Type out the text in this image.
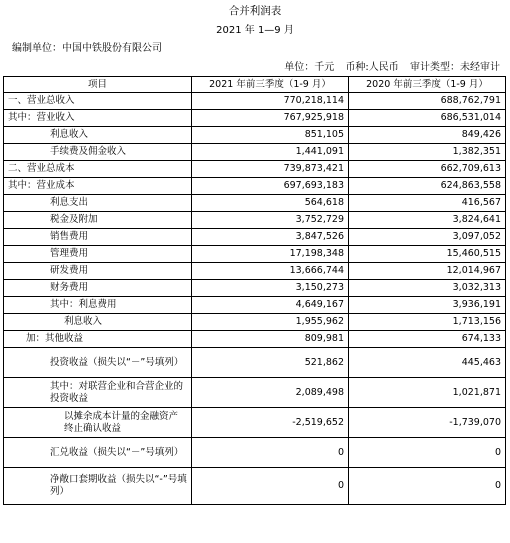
合并利润表
2021 年 1—9 月
编制单位：中国中铁股份有限公司
单位：千元 币种:人民币 审计类型：未经审计
项目	2021 年前三季度（1-9 月）	2020 年前三季度（1-9 月）
一、营业总收入	770,218,114	688,762,791
其中：营业收入	767,925,918	686,531,014
利息收入	851,105	849,426
手续费及佣金收入	1,441,091	1,382,351
二、营业总成本	739,873,421	662,709,613
其中：营业成本	697,693,183	624,863,558
利息支出	564,618	416,567
税金及附加	3,752,729	3,824,641
销售费用	3,847,526	3,097,052
管理费用	17,198,348	15,460,515
研发费用	13,666,744	12,014,967
财务费用	3,150,273	3,032,313
其中：利息费用	4,649,167	3,936,191
利息收入	1,955,962	1,713,156
加：其他收益	809,981	674,133
投资收益（损失以“－”号填列）	521,862	445,463
其中：对联营企业和合营企业的投资收益	2,089,498	1,021,871
以摊余成本计量的金融资产终止确认收益	-2,519,652	-1,739,070
汇兑收益（损失以“－”号填列）	0	0
净敞口套期收益（损失以“-”号填列）	0	0
